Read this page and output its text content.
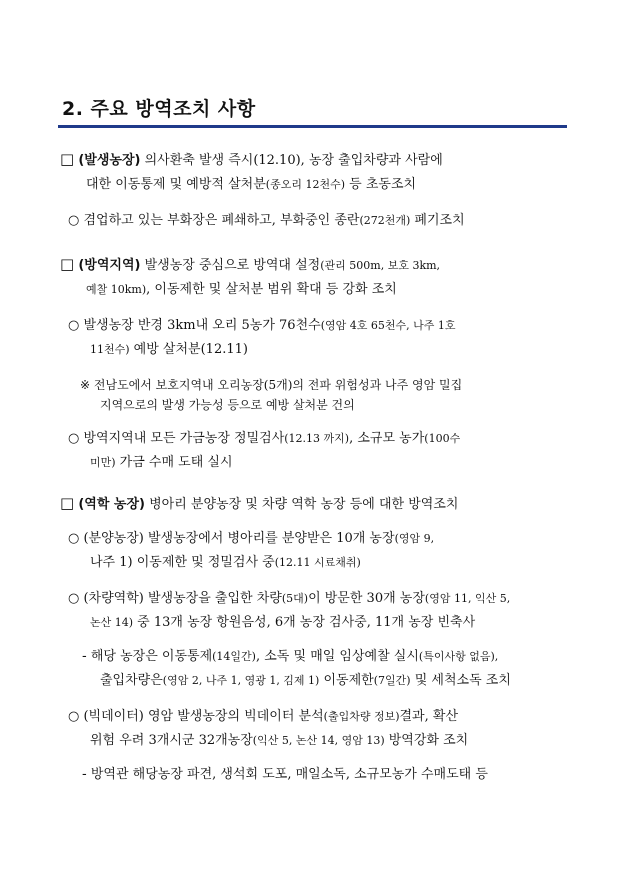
2. 주요 방역조치 사항
□ (발생농장) 의사환축 발생 즉시(12.10), 농장 출입차량과 사람에
대한 이동통제 및 예방적 살처분(종오리 12천수) 등 초동조치
○ 겸업하고 있는 부화장은 폐쇄하고, 부화중인 종란(272천개) 폐기조치
□ (방역지역) 발생농장 중심으로 방역대 설정(관리 500m, 보호 3km,
예찰 10km), 이동제한 및 살처분 범위 확대 등 강화 조치
○ 발생농장 반경 3km내 오리 5농가 76천수(영암 4호 65천수, 나주 1호
11천수) 예방 살처분(12.11)
※ 전남도에서 보호지역내 오리농장(5개)의 전파 위험성과 나주 영암 밀집
지역으로의 발생 가능성 등으로 예방 살처분 건의
○ 방역지역내 모든 가금농장 정밀검사(12.13 까지), 소규모 농가(100수
미만) 가금 수매 도태 실시
□ (역학 농장) 병아리 분양농장 및 차량 역학 농장 등에 대한 방역조치
○ (분양농장) 발생농장에서 병아리를 분양받은 10개 농장(영암 9,
나주 1) 이동제한 및 정밀검사 중(12.11 시료채취)
○ (차량역학) 발생농장을 출입한 차량(5대)이 방문한 30개 농장(영암 11, 익산 5,
논산 14) 중 13개 농장 항원음성, 6개 농장 검사중, 11개 농장 빈축사
- 해당 농장은 이동통제(14일간), 소독 및 매일 임상예찰 실시(특이사항 없음),
출입차량은(영암 2, 나주 1, 영광 1, 김제 1) 이동제한(7일간) 및 세척소독 조치
○ (빅데이터) 영암 발생농장의 빅데이터 분석(출입차량 정보)결과, 확산
위험 우려 3개시군 32개농장(익산 5, 논산 14, 영암 13) 방역강화 조치
- 방역관 해당농장 파견, 생석회 도포, 매일소독, 소규모농가 수매도태 등
